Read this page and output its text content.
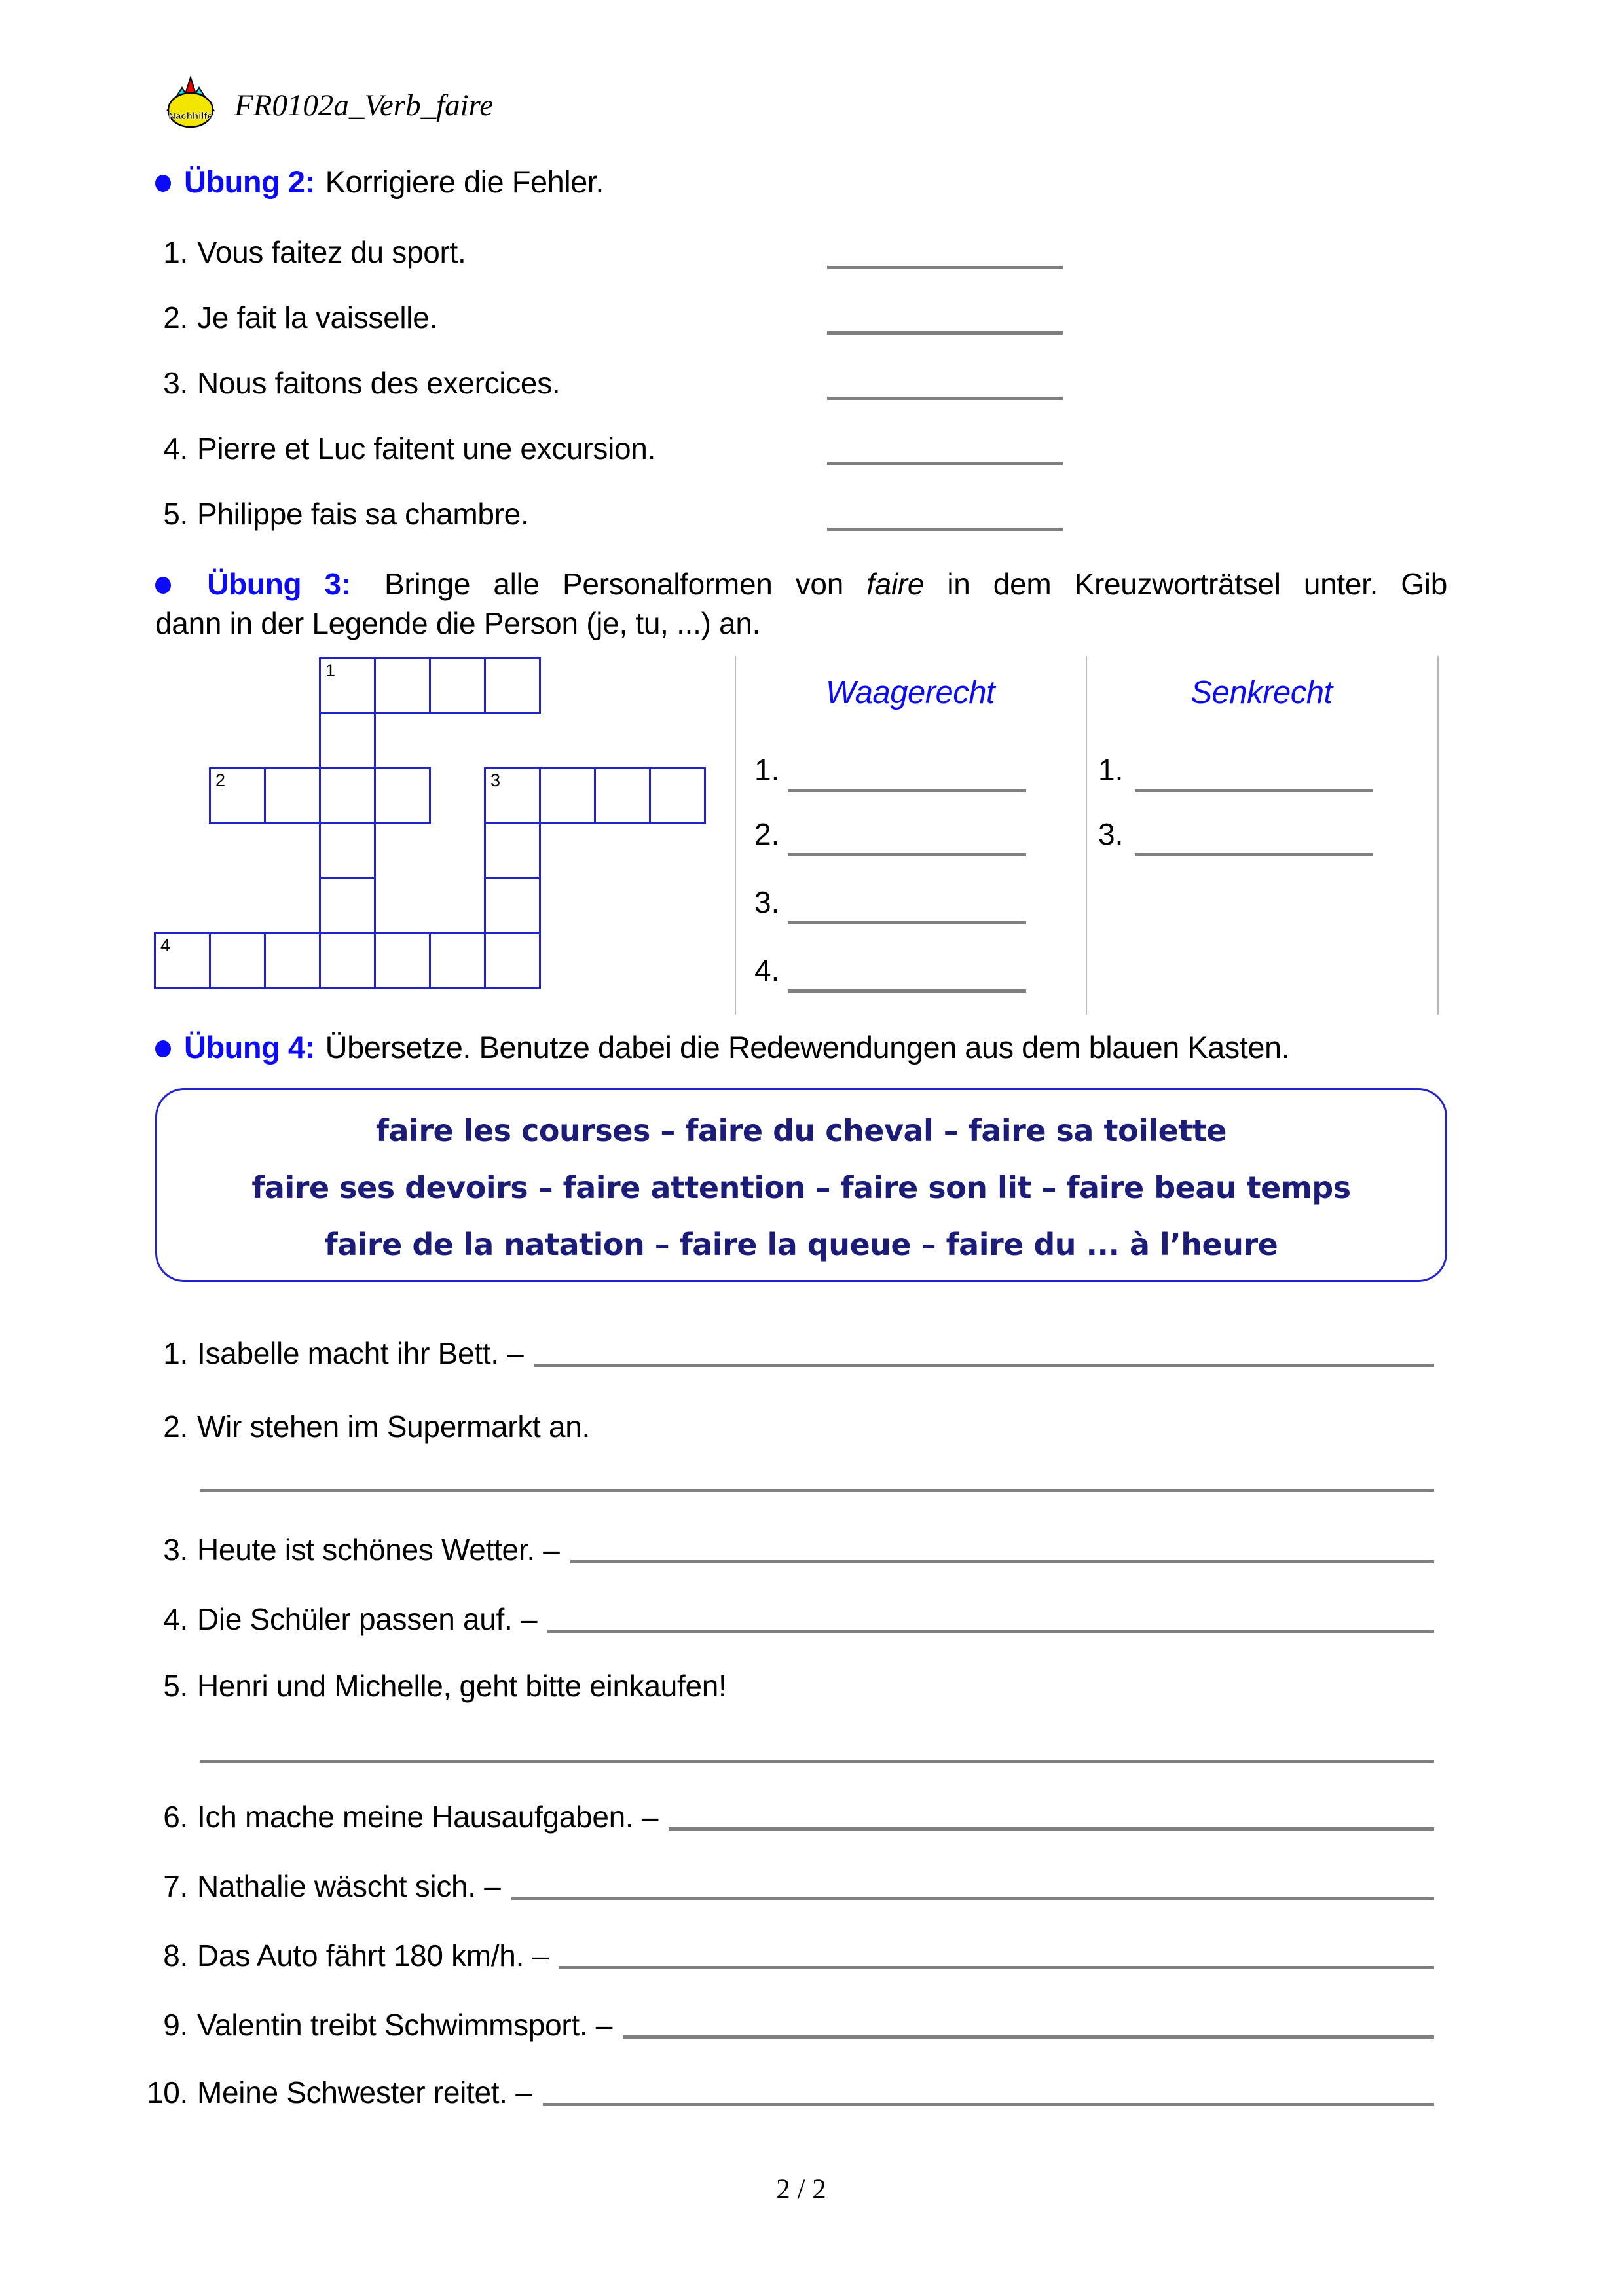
Nachhilfe FR0102a_Verb_faire
Übung 2: Korrigiere die Fehler.
Übung 3: Bringe alle Personalformen von faire in dem Kreuzworträtsel unter. Gib
dann in der Legende die Person (je, tu, ...) an.
Waagerecht	Senkrecht
Übung 4: Übersetze. Benutze dabei die Redewendungen aus dem blauen Kasten.
2 / 2
1. Vous faitez du sport.
2. Je fait la vaisselle.
3. Nous faitons des exercices.
4. Pierre et Luc faitent une excursion.
5. Philippe fais sa chambre.
1
2	3
4
1.
2.
3.
4.
1.
3.
faire les courses – faire du cheval – faire sa toilette
faire ses devoirs – faire attention – faire son lit – faire beau temps
faire de la natation – faire la queue – faire du ... à l’heure
1. Isabelle macht ihr Bett. –
2. Wir stehen im Supermarkt an.
3. Heute ist schönes Wetter. –
4. Die Schüler passen auf. –
5. Henri und Michelle, geht bitte einkaufen!
6. Ich mache meine Hausaufgaben. –
7. Nathalie wäscht sich. –
8. Das Auto fährt 180 km/h. –
9. Valentin treibt Schwimmsport. –
10. Meine Schwester reitet. –
